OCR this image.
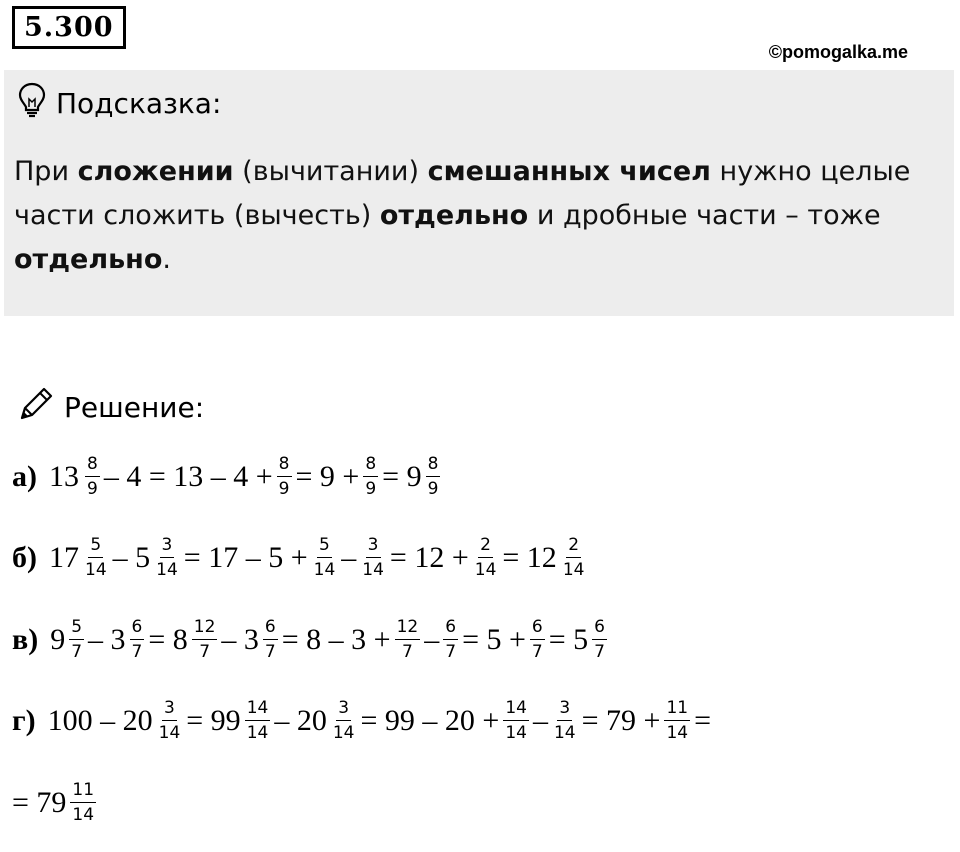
5.300
©pomogalka.me
Подсказка:
При сложении (вычитании) смешанных чисел нужно целые части сложить (вычесть) отдельно и дробные части – тоже
отдельно.
Решение:
а) $13 \frac{8}{9} - 4 = 13 - 4 + \frac{8}{9} = 9 + \frac{8}{9} = 9 \frac{8}{9}$
б) $17 \frac{5}{14} - 5 \frac{3}{14} = 17 - 5 + \frac{5}{14} - \frac{3}{14} = 12 + \frac{2}{14} = 12 \frac{2}{14}$
в) $9 \frac{5}{7} - 3 \frac{6}{7} = 8 \frac{12}{7} - 3 \frac{6}{7} = 8 - 3 + \frac{12}{7} - \frac{6}{7} = 5 + \frac{6}{7} = 5 \frac{6}{7}$
г) $100 - 20 \frac{3}{14} = 99 \frac{14}{14} - 20 \frac{3}{14} = 99 - 20 + \frac{14}{14} - \frac{3}{14} = 79 + \frac{11}{14}$ =
= $79 \frac{11}{14}$
